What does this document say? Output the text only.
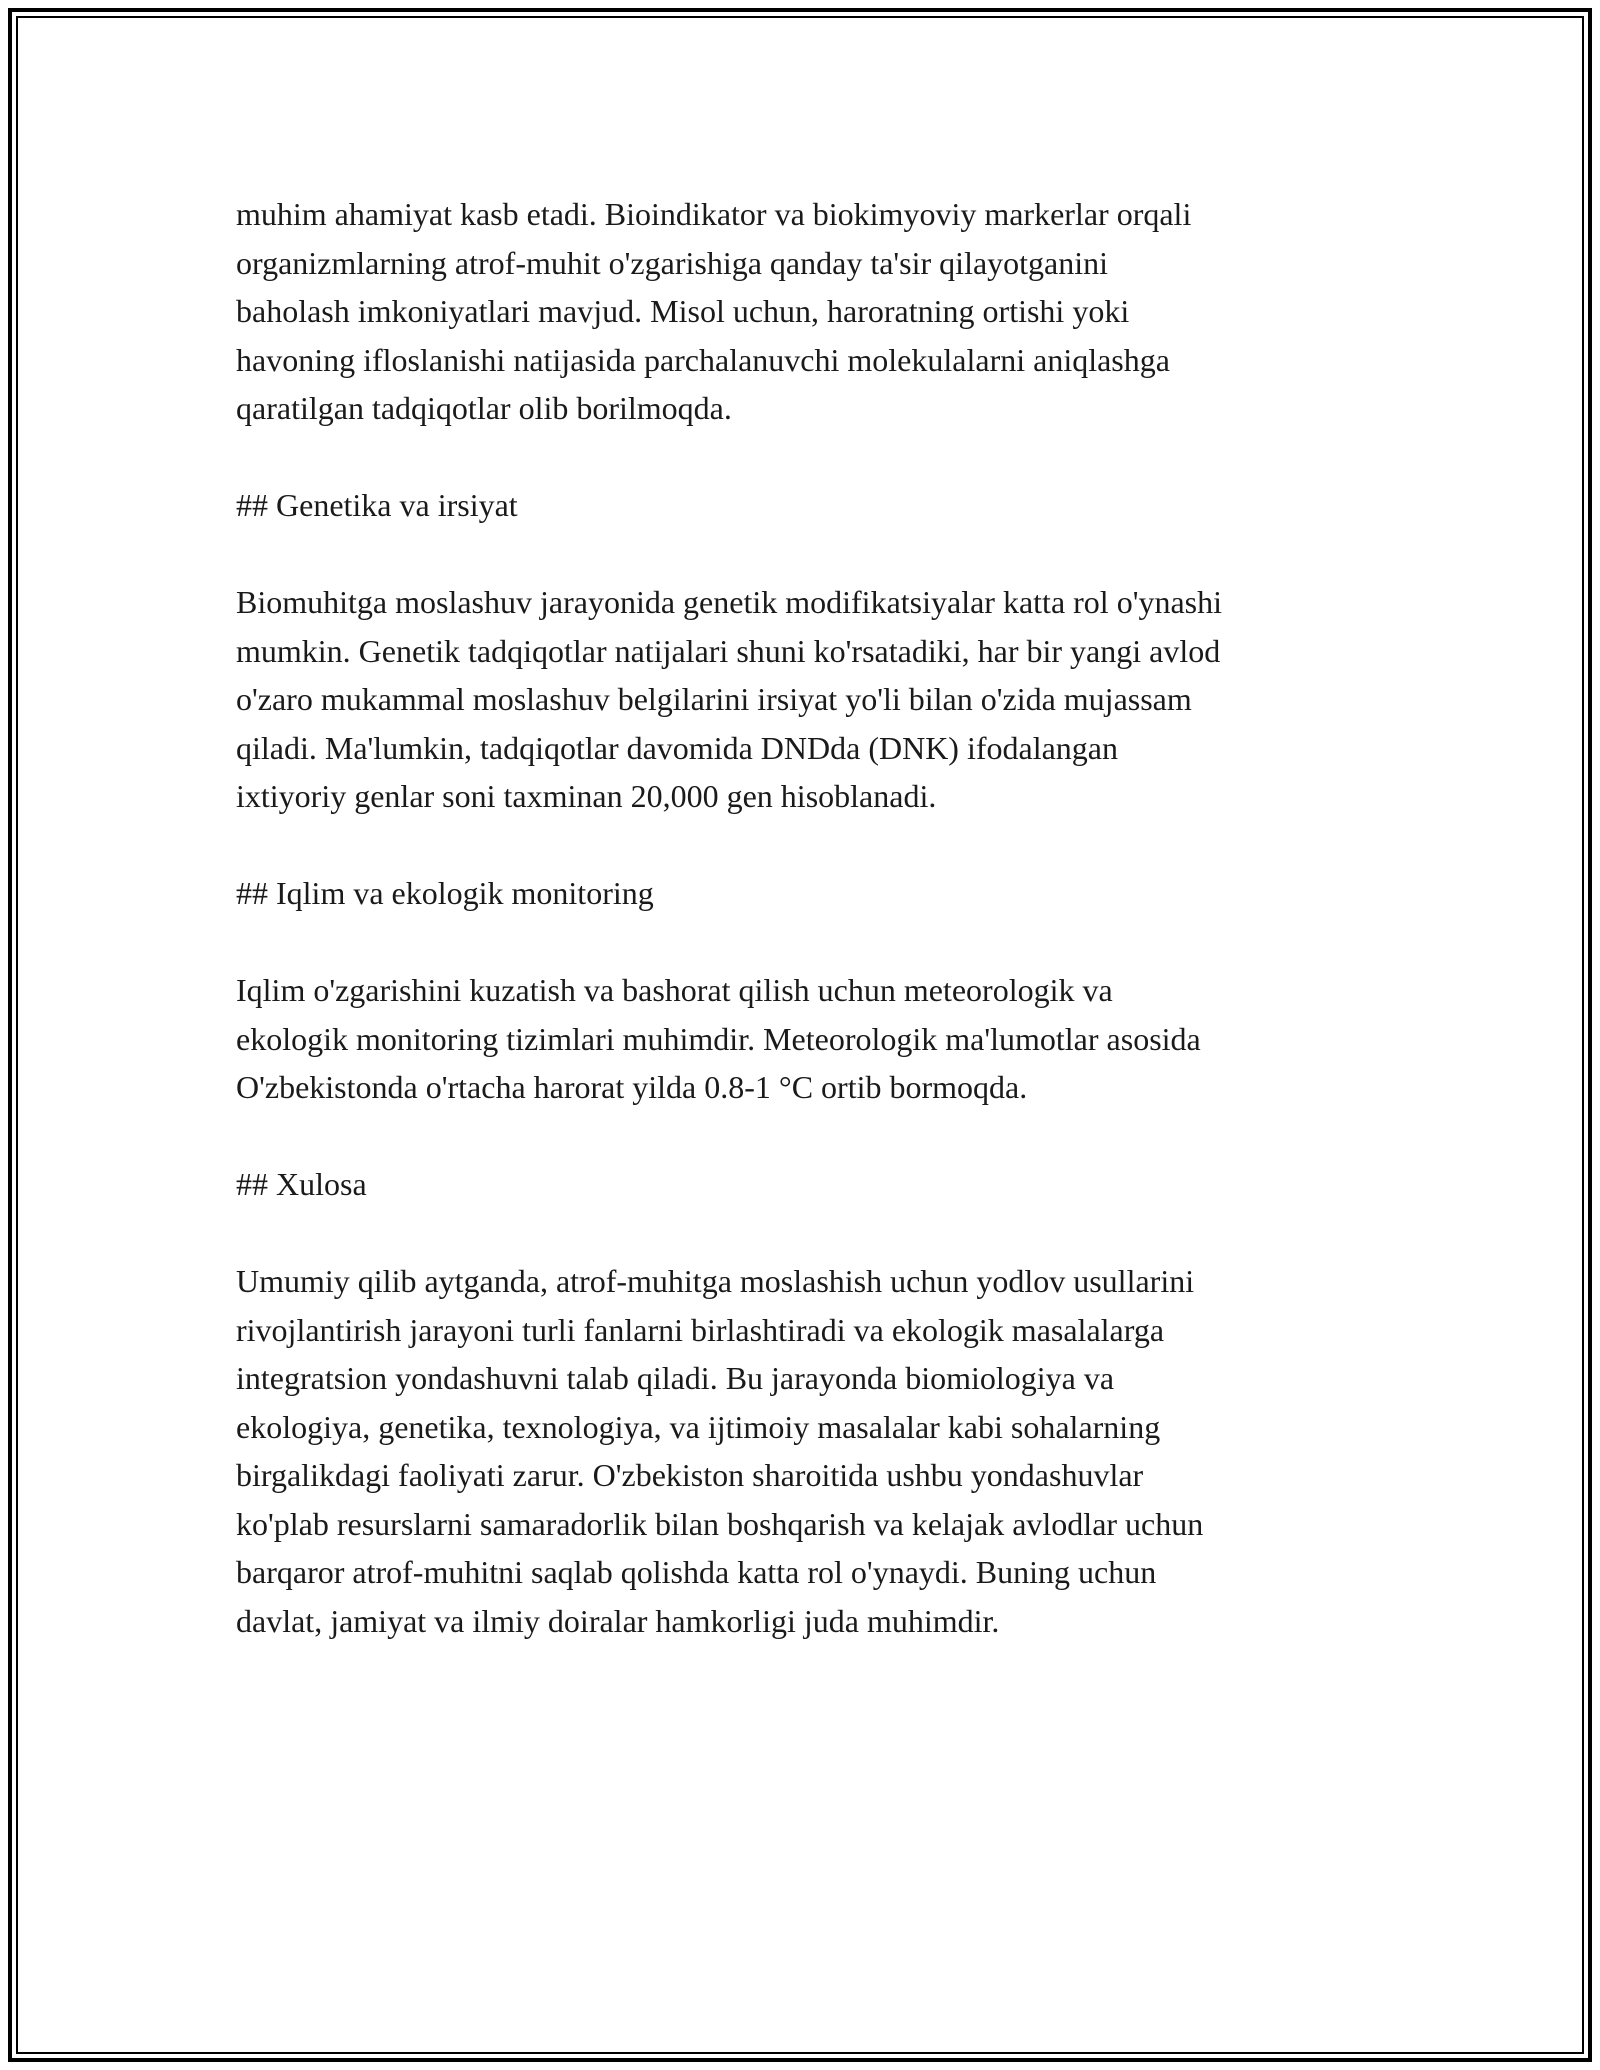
muhim ahamiyat kasb etadi. Bioindikator va biokimyoviy markerlar orqali
organizmlarning atrof-muhit o'zgarishiga qanday ta'sir qilayotganini
baholash imkoniyatlari mavjud. Misol uchun, haroratning ortishi yoki
havoning ifloslanishi natijasida parchalanuvchi molekulalarni aniqlashga
qaratilgan tadqiqotlar olib borilmoqda.

## Genetika va irsiyat

Biomuhitga moslashuv jarayonida genetik modifikatsiyalar katta rol o'ynashi
mumkin. Genetik tadqiqotlar natijalari shuni ko'rsatadiki, har bir yangi avlod
o'zaro mukammal moslashuv belgilarini irsiyat yo'li bilan o'zida mujassam
qiladi. Ma'lumkin, tadqiqotlar davomida DNDda (DNK) ifodalangan
ixtiyoriy genlar soni taxminan 20,000 gen hisoblanadi.

## Iqlim va ekologik monitoring

Iqlim o'zgarishini kuzatish va bashorat qilish uchun meteorologik va
ekologik monitoring tizimlari muhimdir. Meteorologik ma'lumotlar asosida
O'zbekistonda o'rtacha harorat yilda 0.8-1 °C ortib bormoqda.

## Xulosa

Umumiy qilib aytganda, atrof-muhitga moslashish uchun yodlov usullarini
rivojlantirish jarayoni turli fanlarni birlashtiradi va ekologik masalalarga
integratsion yondashuvni talab qiladi. Bu jarayonda biomiologiya va
ekologiya, genetika, texnologiya, va ijtimoiy masalalar kabi sohalarning
birgalikdagi faoliyati zarur. O'zbekiston sharoitida ushbu yondashuvlar
ko'plab resurslarni samaradorlik bilan boshqarish va kelajak avlodlar uchun
barqaror atrof-muhitni saqlab qolishda katta rol o'ynaydi. Buning uchun
davlat, jamiyat va ilmiy doiralar hamkorligi juda muhimdir.
